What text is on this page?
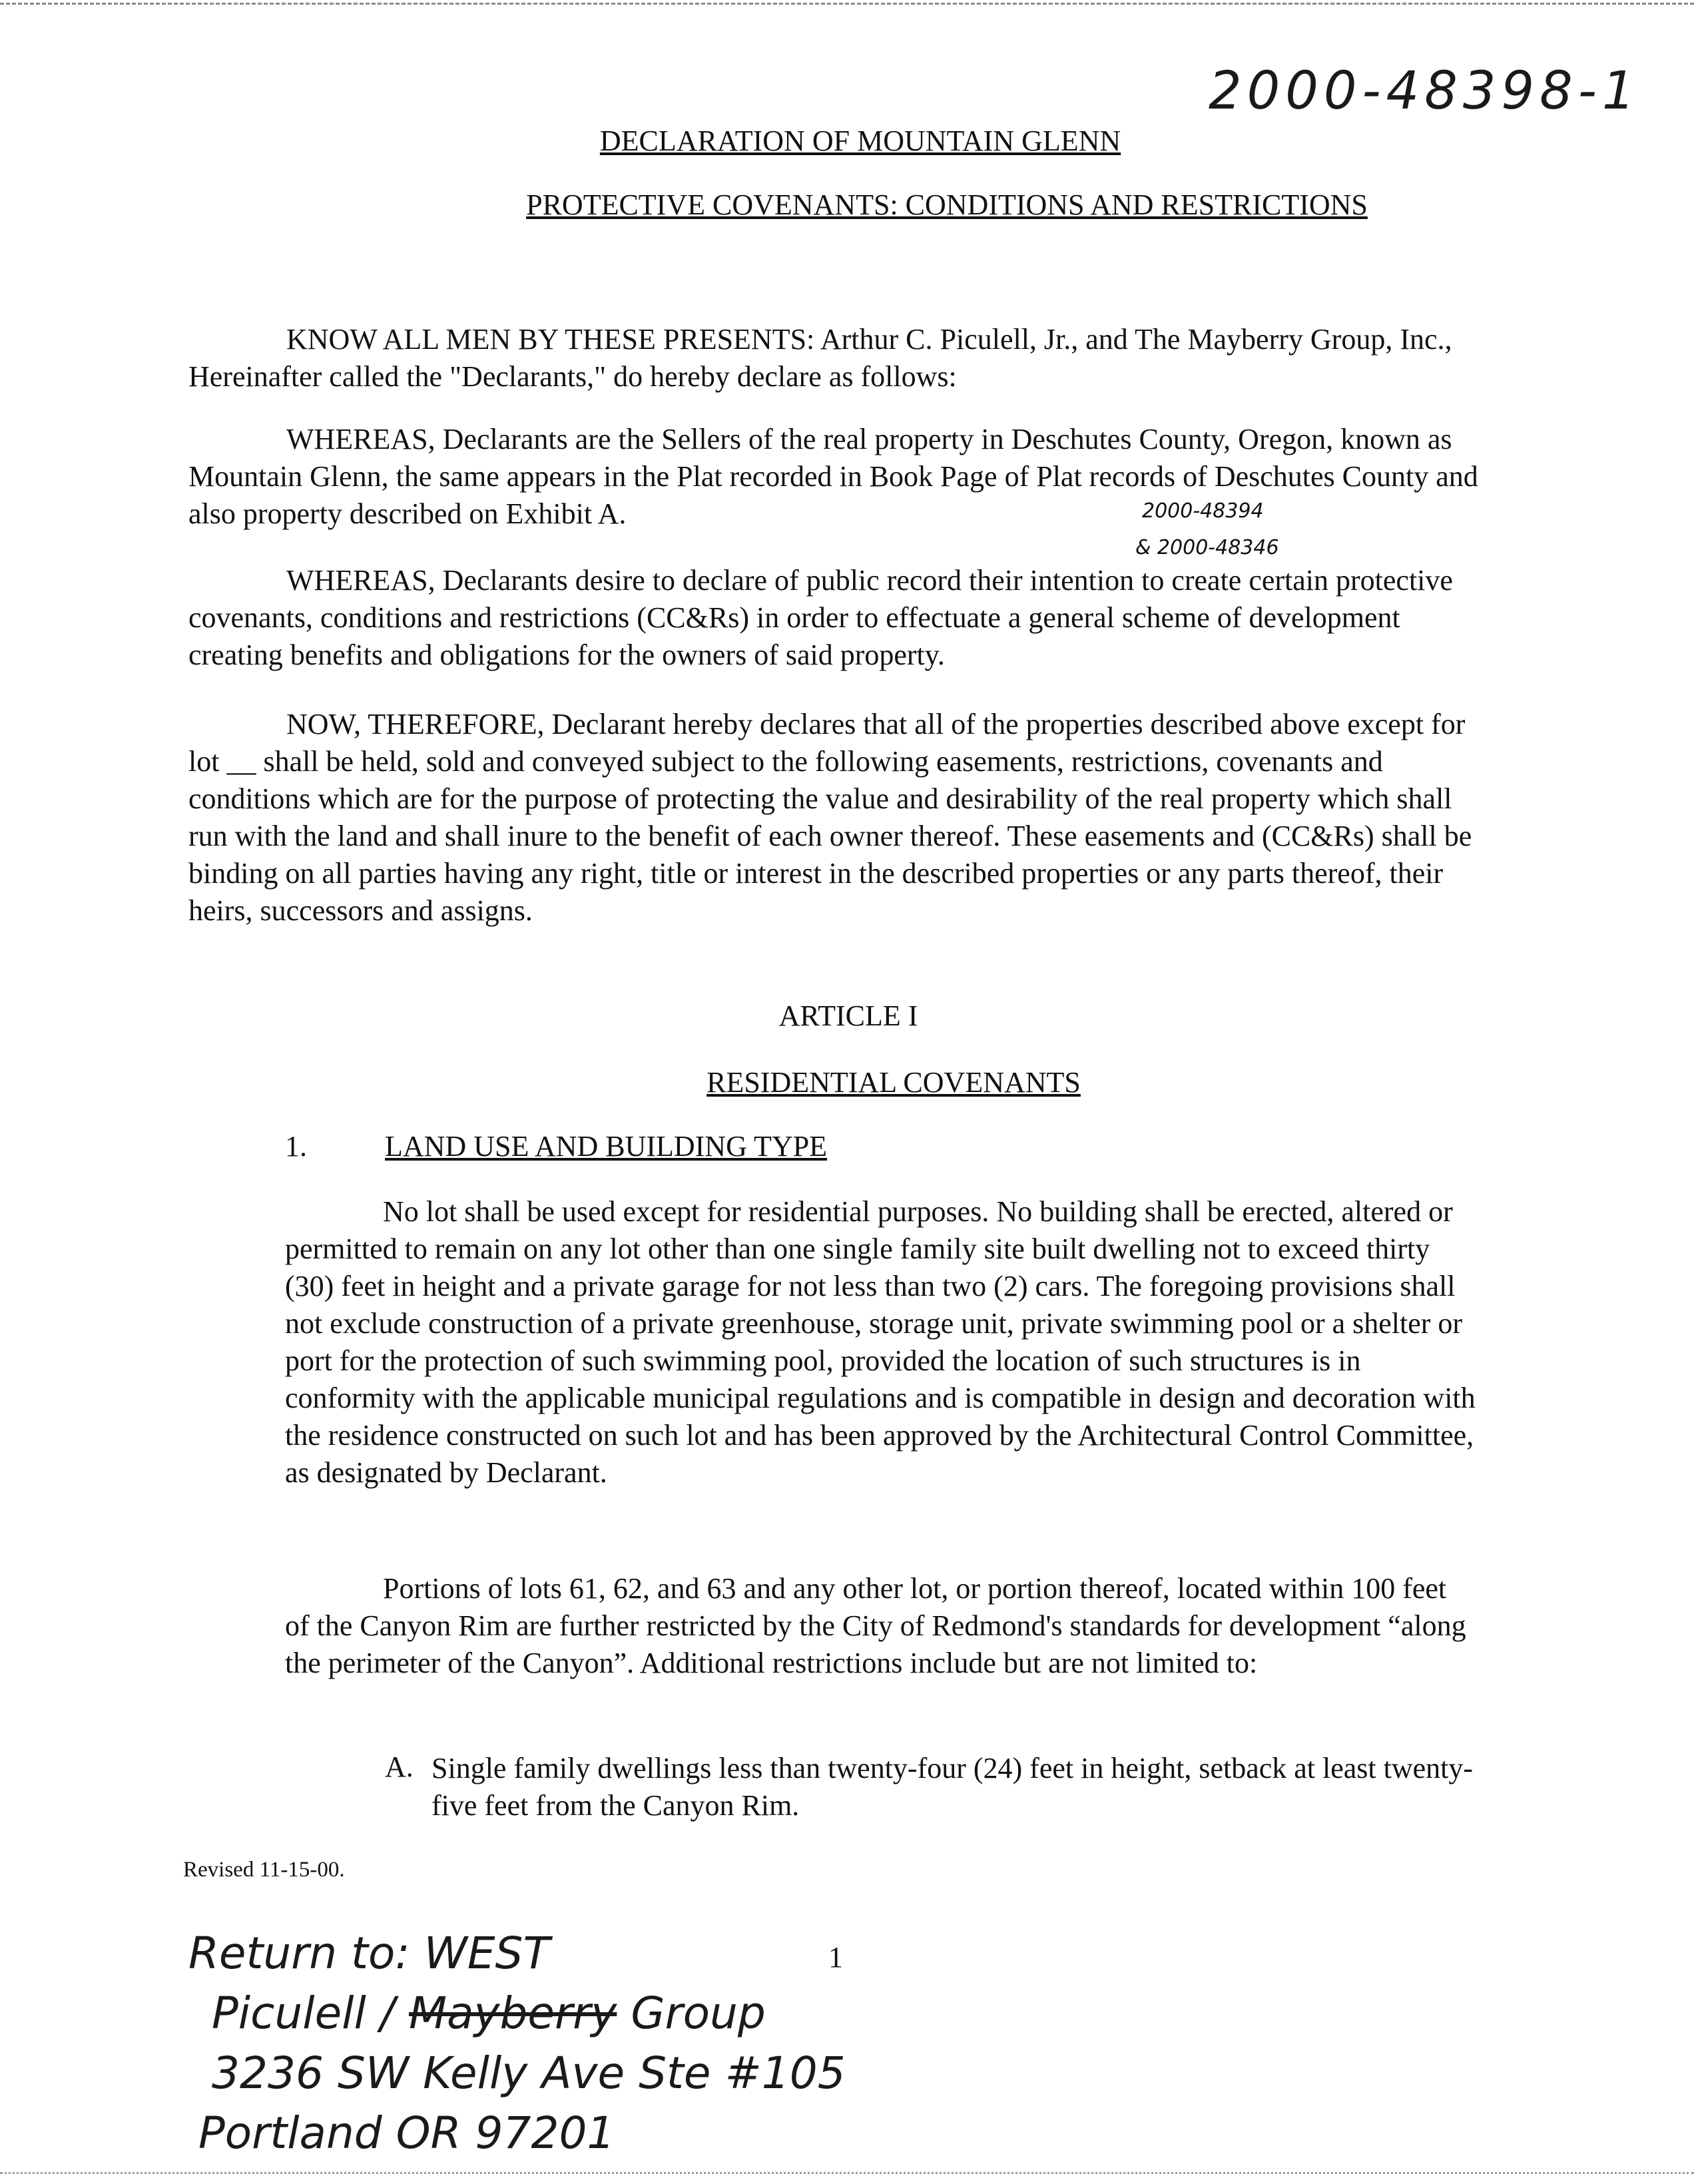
2000-48398-1
DECLARATION OF MOUNTAIN GLENN
PROTECTIVE COVENANTS: CONDITIONS AND RESTRICTIONS

KNOW ALL MEN BY THESE PRESENTS: Arthur C. Piculell, Jr., and The Mayberry Group, Inc., Hereinafter called the "Declarants," do hereby declare as follows:

WHEREAS, Declarants are the Sellers of the real property in Deschutes County, Oregon, known as Mountain Glenn, the same appears in the Plat recorded in Book Page of Plat records of Deschutes County and also property described on Exhibit A.	2000-48394
& 2000-48346

WHEREAS, Declarants desire to declare of public record their intention to create certain protective covenants, conditions and restrictions (CC&Rs) in order to effectuate a general scheme of development creating benefits and obligations for the owners of said property.

NOW, THEREFORE, Declarant hereby declares that all of the properties described above except for lot __ shall be held, sold and conveyed subject to the following easements, restrictions, covenants and conditions which are for the purpose of protecting the value and desirability of the real property which shall run with the land and shall inure to the benefit of each owner thereof. These easements and (CC&Rs) shall be binding on all parties having any right, title or interest in the described properties or any parts thereof, their heirs, successors and assigns.

ARTICLE I
RESIDENTIAL COVENANTS
1.	LAND USE AND BUILDING TYPE

No lot shall be used except for residential purposes. No building shall be erected, altered or permitted to remain on any lot other than one single family site built dwelling not to exceed thirty (30) feet in height and a private garage for not less than two (2) cars. The foregoing provisions shall not exclude construction of a private greenhouse, storage unit, private swimming pool or a shelter or port for the protection of such swimming pool, provided the location of such structures is in conformity with the applicable municipal regulations and is compatible in design and decoration with the residence constructed on such lot and has been approved by the Architectural Control Committee, as designated by Declarant.

Portions of lots 61, 62, and 63 and any other lot, or portion thereof, located within 100 feet of the Canyon Rim are further restricted by the City of Redmond's standards for development “along the perimeter of the Canyon”. Additional restrictions include but are not limited to:

A. Single family dwellings less than twenty-four (24) feet in height, setback at least twenty-five feet from the Canyon Rim.

Revised 11-15-00.
1
Return to: WEST
Piculell / Mayberry Group
3236 SW Kelly Ave Ste #105
Portland OR 97201
